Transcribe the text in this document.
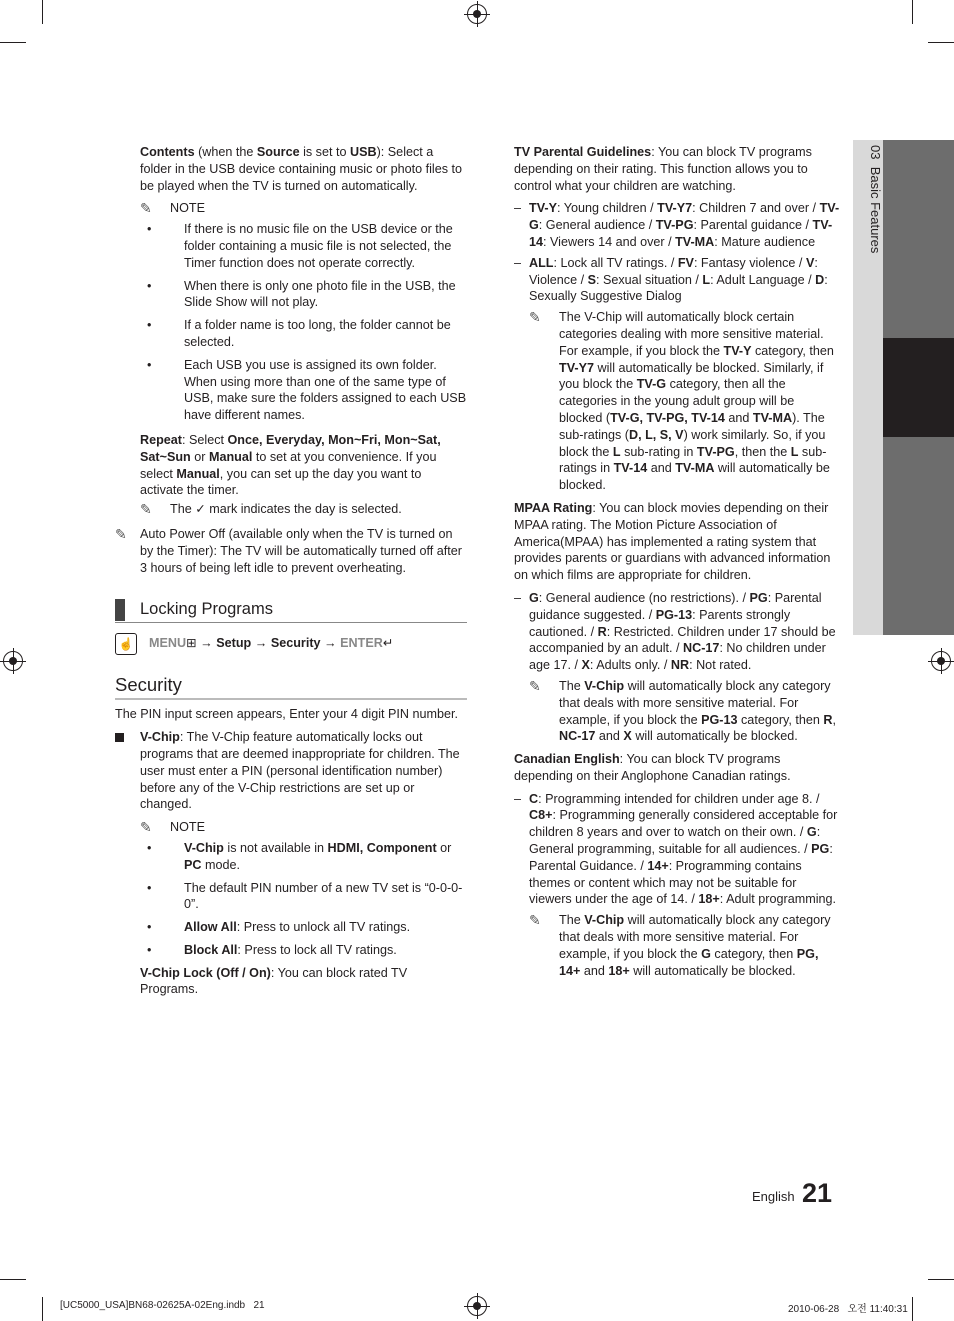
03  Basic Features

Contents (when the Source is set to USB): Select a folder in the USB device containing music or photo files to be played when the TV is turned on automatically.

✎	NOTE
• If there is no music file on the USB device or the folder containing a music file is not selected, the Timer function does not operate correctly.
• When there is only one photo file in the USB, the Slide Show will not play.
• If a folder name is too long, the folder cannot be selected.
• Each USB you use is assigned its own folder. When using more than one of the same type of USB, make sure the folders assigned to each USB have different names.

Repeat: Select Once, Everyday, Mon~Fri, Mon~Sat, Sat~Sun or Manual to set at you convenience. If you select Manual, you can set up the day you want to activate the timer.

✎	The ✓ mark indicates the day is selected.
✎	Auto Power Off (available only when the TV is turned on by the Timer): The TV will be automatically turned off after 3 hours of being left idle to prevent overheating.
Locking Programs
☝ MENU⊞ → Setup → Security → ENTER↵
Security

The PIN input screen appears, Enter your 4 digit PIN number.

V-Chip: The V-Chip feature automatically locks out programs that are deemed inappropriate for children. The user must enter a PIN (personal identification number) before any of the V-Chip restrictions are set up or changed.
✎	NOTE
• V-Chip is not available in HDMI, Component or PC mode.
• The default PIN number of a new TV set is “0-0-0-0”.
• Allow All: Press to unlock all TV ratings.
• Block All: Press to lock all TV ratings.

V-Chip Lock (Off / On): You can block rated TV Programs.

TV Parental Guidelines: You can block TV programs depending on their rating. This function allows you to control what your children are watching.

– TV-Y: Young children / TV-Y7: Children 7 and over / TV-G: General audience / TV-PG: Parental guidance / TV-14: Viewers 14 and over / TV-MA: Mature audience
– ALL: Lock all TV ratings. / FV: Fantasy violence / V: Violence / S: Sexual situation / L: Adult Language / D: Sexually Suggestive Dialog
✎	The V-Chip will automatically block certain categories dealing with more sensitive material. For example, if you block the TV-Y category, then TV-Y7 will automatically be blocked. Similarly, if you block the TV-G category, then all the categories in the young adult group will be blocked (TV-G, TV-PG, TV-14 and TV-MA). The sub-ratings (D, L, S, V) work similarly. So, if you block the L sub-rating in TV-PG, then the L sub-ratings in TV-14 and TV-MA will automatically be blocked.

MPAA Rating: You can block movies depending on their MPAA rating. The Motion Picture Association of America(MPAA) has implemented a rating system that provides parents or guardians with advanced information on which films are appropriate for children.

– G: General audience (no restrictions). / PG: Parental guidance suggested. / PG-13: Parents strongly cautioned. / R: Restricted. Children under 17 should be accompanied by an adult. / NC-17: No children under age 17. / X: Adults only. / NR: Not rated.
✎	The V-Chip will automatically block any category that deals with more sensitive material. For example, if you block the PG-13 category, then R, NC-17 and X will automatically be blocked.

Canadian English: You can block TV programs depending on their Anglophone Canadian ratings.

– C: Programming intended for children under age 8. / C8+: Programming generally considered acceptable for children 8 years and over to watch on their own. / G: General programming, suitable for all audiences. / PG: Parental Guidance. / 14+: Programming contains themes or content which may not be suitable for viewers under the age of 14. / 18+: Adult programming.
✎	The V-Chip will automatically block any category that deals with more sensitive material. For example, if you block the G category, then PG, 14+ and 18+ will automatically be blocked.
English 21
[UC5000_USA]BN68-02625A-02Eng.indb   21	2010-06-28   오전 11:40:31
